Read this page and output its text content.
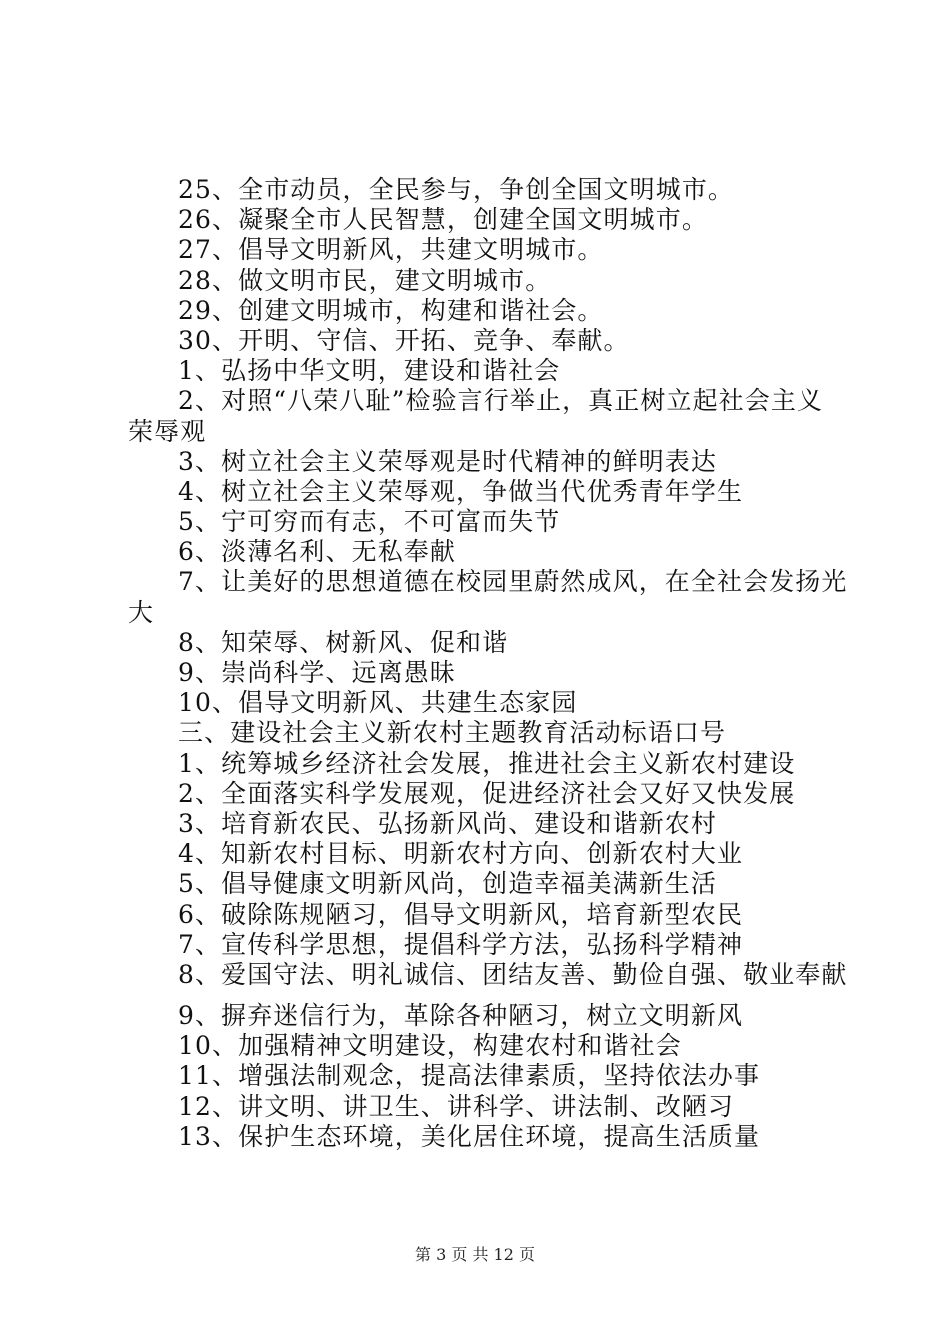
25、全市动员，全民参与，争创全国文明城市。
26、凝聚全市人民智慧，创建全国文明城市。
27、倡导文明新风，共建文明城市。
28、做文明市民，建文明城市。
29、创建文明城市，构建和谐社会。
30、开明、守信、开拓、竞争、奉献。
1、弘扬中华文明，建设和谐社会
2、对照“八荣八耻”检验言行举止，真正树立起社会主义
荣辱观
3、树立社会主义荣辱观是时代精神的鲜明表达
4、树立社会主义荣辱观，争做当代优秀青年学生
5、宁可穷而有志，不可富而失节
6、淡薄名利、无私奉献
7、让美好的思想道德在校园里蔚然成风，在全社会发扬光
大
8、知荣辱、树新风、促和谐
9、崇尚科学、远离愚昧
10、倡导文明新风、共建生态家园
三、建设社会主义新农村主题教育活动标语口号
1、统筹城乡经济社会发展，推进社会主义新农村建设
2、全面落实科学发展观，促进经济社会又好又快发展
3、培育新农民、弘扬新风尚、建设和谐新农村
4、知新农村目标、明新农村方向、创新农村大业
5、倡导健康文明新风尚，创造幸福美满新生活
6、破除陈规陋习，倡导文明新风，培育新型农民
7、宣传科学思想，提倡科学方法，弘扬科学精神
8、爱国守法、明礼诚信、团结友善、勤俭自强、敬业奉献
9、摒弃迷信行为，革除各种陋习，树立文明新风
10、加强精神文明建设，构建农村和谐社会
11、增强法制观念，提高法律素质，坚持依法办事
12、讲文明、讲卫生、讲科学、讲法制、改陋习
13、保护生态环境，美化居住环境，提高生活质量
第 3 页 共 12 页
